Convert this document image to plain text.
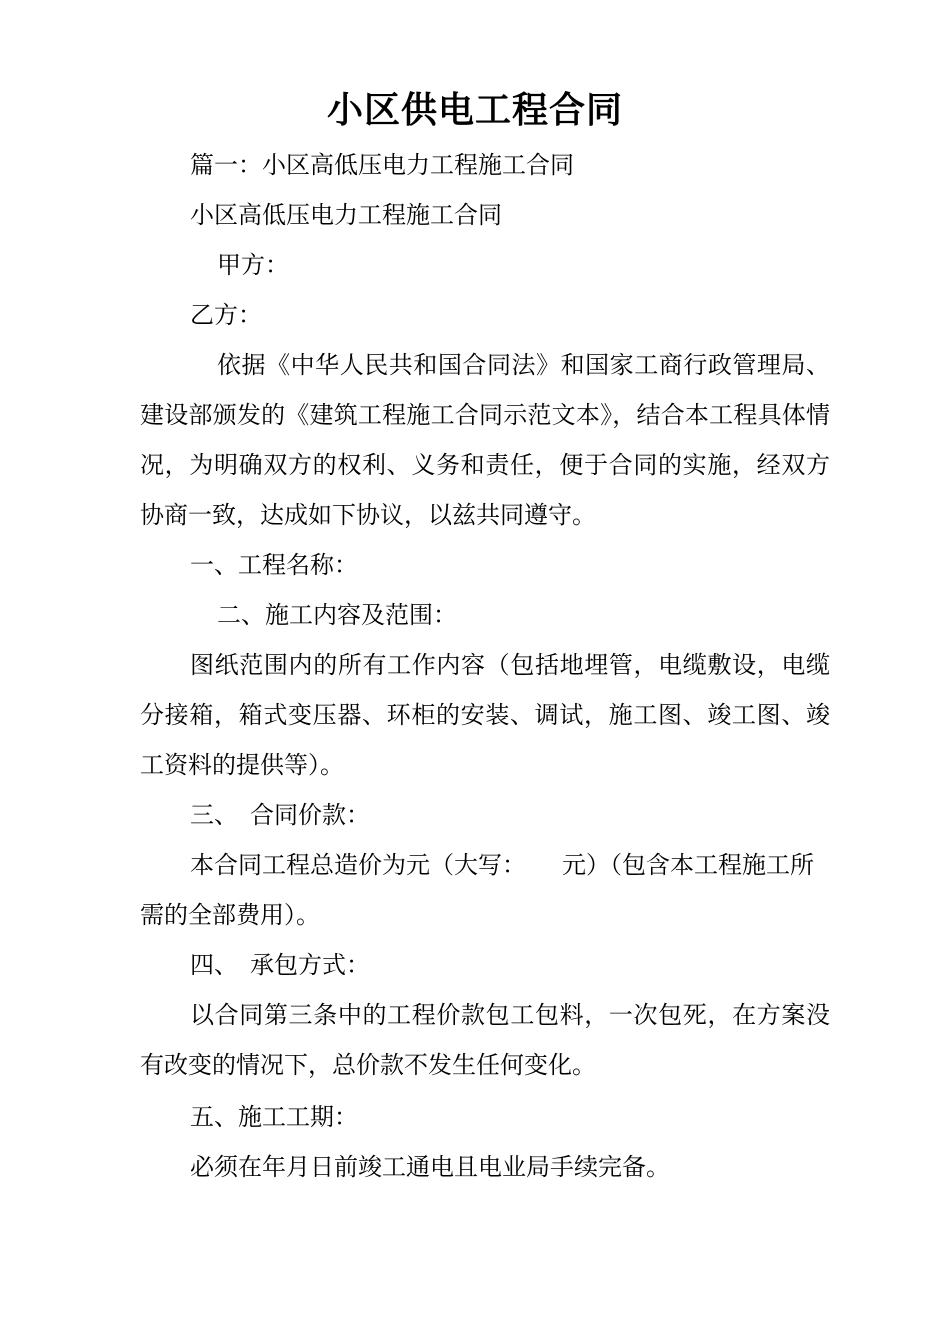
小区供电工程合同

篇一：小区高低压电力工程施工合同

小区高低压电力工程施工合同

甲方：

乙方：

依据《中华人民共和国合同法》和国家工商行政管理局、建设部颁发的《建筑工程施工合同示范文本》，结合本工程具体情况，为明确双方的权利、义务和责任，便于合同的实施，经双方协商一致，达成如下协议，以兹共同遵守。

一、工程名称：

二、施工内容及范围：

图纸范围内的所有工作内容（包括地埋管，电缆敷设，电缆分接箱，箱式变压器、环柜的安装、调试，施工图、竣工图、竣工资料的提供等）。

三、　合同价款：

本合同工程总造价为元（大写：　　元）（包含本工程施工所需的全部费用）。

四、　承包方式：

以合同第三条中的工程价款包工包料，一次包死，在方案没有改变的情况下，总价款不发生任何变化。

五、施工工期：

必须在年月日前竣工通电且电业局手续完备。
